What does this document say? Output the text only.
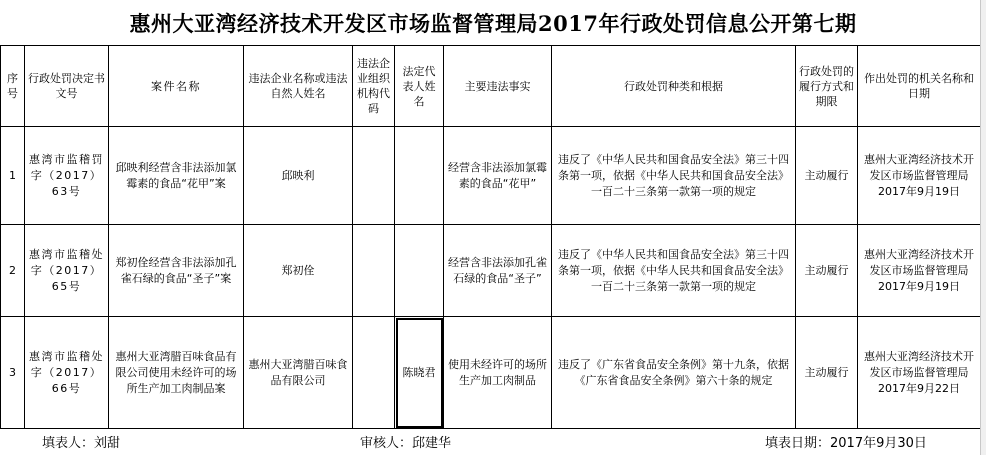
惠州大亚湾经济技术开发区市场监督管理局2017年行政处罚信息公开第七期
序号	行政处罚决定书文号	案件名称	违法企业名称或违法自然人姓名	违法企业组织机构代码	法定代表人姓名	主要违法事实	行政处罚种类和根据	行政处罚的履行方式和期限	作出处罚的机关名称和日期
1	惠湾市监稽罚字（2017）63号	邱映利经营含非法添加氯霉素的食品“花甲”案	邱映利			经营含非法添加氯霉素的食品“花甲”	违反了《中华人民共和国食品安全法》第三十四条第一项，依据《中华人民共和国食品安全法》一百二十三条第一款第一项的规定	主动履行	惠州大亚湾经济技术开发区市场监督管理局
2017年9月19日

2	惠湾市监稽处字（2017）65号	郑初佺经营含非法添加孔雀石绿的食品“圣子”案	郑初佺			经营含非法添加孔雀石绿的食品“圣子”	违反了《中华人民共和国食品安全法》第三十四条第一项，依据《中华人民共和国食品安全法》一百二十三条第一款第一项的规定	主动履行	惠州大亚湾经济技术开发区市场监督管理局
2017年9月19日

3	惠湾市监稽处字（2017）66号	惠州大亚湾腊百味食品有限公司使用未经许可的场所生产加工肉制品案	惠州大亚湾腊百味食品有限公司		陈晓君	使用未经许可的场所生产加工肉制品	违反了《广东省食品安全条例》第十九条，依据《广东省食品安全条例》第六十条的规定	主动履行	惠州大亚湾经济技术开发区市场监督管理局
2017年9月22日
填表人：
刘甜	审核人：邱建华	填表日期：2017年9月30日
